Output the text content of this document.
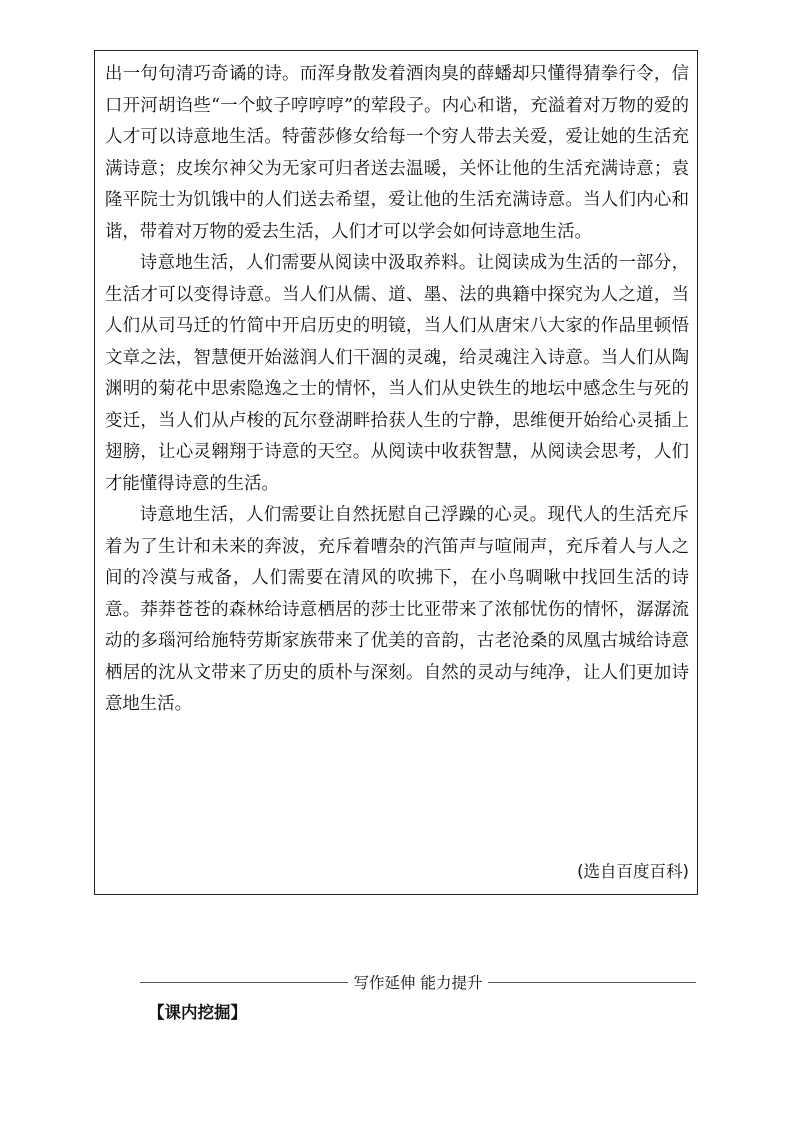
出一句句清巧奇谲的诗。而浑身散发着酒肉臭的薛蟠却只懂得猜拳行令，信口开河胡诌些“一个蚊子哼哼哼”的荤段子。内心和谐，充溢着对万物的爱的人才可以诗意地生活。特蕾莎修女给每一个穷人带去关爱，爱让她的生活充满诗意；皮埃尔神父为无家可归者送去温暖，关怀让他的生活充满诗意；袁隆平院士为饥饿中的人们送去希望，爱让他的生活充满诗意。当人们内心和谐，带着对万物的爱去生活，人们才可以学会如何诗意地生活。

诗意地生活，人们需要从阅读中汲取养料。让阅读成为生活的一部分，生活才可以变得诗意。当人们从儒、道、墨、法的典籍中探究为人之道，当人们从司马迁的竹简中开启历史的明镜，当人们从唐宋八大家的作品里顿悟文章之法，智慧便开始滋润人们干涸的灵魂，给灵魂注入诗意。当人们从陶渊明的菊花中思索隐逸之士的情怀，当人们从史铁生的地坛中感念生与死的变迁，当人们从卢梭的瓦尔登湖畔拾获人生的宁静，思维便开始给心灵插上翅膀，让心灵翱翔于诗意的天空。从阅读中收获智慧，从阅读会思考，人们才能懂得诗意的生活。

诗意地生活，人们需要让自然抚慰自己浮躁的心灵。现代人的生活充斥着为了生计和未来的奔波，充斥着嘈杂的汽笛声与喧闹声，充斥着人与人之间的冷漠与戒备，人们需要在清风的吹拂下，在小鸟啁啾中找回生活的诗意。莽莽苍苍的森林给诗意栖居的莎士比亚带来了浓郁忧伤的情怀，潺潺流动的多瑙河给施特劳斯家族带来了优美的音韵，古老沧桑的凤凰古城给诗意栖居的沈从文带来了历史的质朴与深刻。自然的灵动与纯净，让人们更加诗意地生活。

(选自百度百科)
写作延伸 能力提升
【课内挖掘】
